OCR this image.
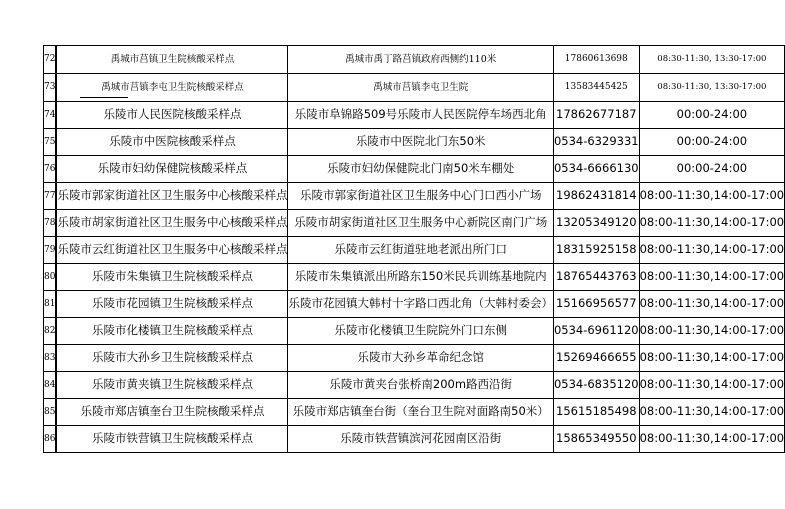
72		禹城市莒镇卫生院核酸采样点	禹城市禹丁路莒镇政府西侧约110米	17860613698	08:30-11:30, 13:30-17:00
73		禹城市莒镇李屯卫生院核酸采样点	禹城市莒镇李屯卫生院	13583445425	08:30-11:30, 13:30-17:00
74		乐陵市人民医院核酸采样点	乐陵市阜锦路509号乐陵市人民医院停车场西北角	17862677187	00:00-24:00
75		乐陵市中医院核酸采样点	乐陵市中医院北门东50米	0534-6329331	00:00-24:00
76		乐陵市妇幼保健院核酸采样点	乐陵市妇幼保健院北门南50米车棚处	0534-6666130	00:00-24:00
77		乐陵市郭家街道社区卫生服务中心核酸采样点	乐陵市郭家街道社区卫生服务中心门口西小广场	19862431814	08:00-11:30,14:00-17:00
78		乐陵市胡家街道社区卫生服务中心核酸采样点	乐陵市胡家街道社区卫生服务中心新院区南门广场	13205349120	08:00-11:30,14:00-17:00
79		乐陵市云红街道社区卫生服务中心核酸采样点	乐陵市云红街道驻地老派出所门口	18315925158	08:00-11:30,14:00-17:00
80		乐陵市朱集镇卫生院核酸采样点	乐陵市朱集镇派出所路东150米民兵训练基地院内	18765443763	08:00-11:30,14:00-17:00
81		乐陵市花园镇卫生院核酸采样点	乐陵市花园镇大韩村十字路口西北角（大韩村委会）	15166956577	08:00-11:30,14:00-17:00
82		乐陵市化楼镇卫生院核酸采样点	乐陵市化楼镇卫生院院外门口东侧	0534-6961120	08:00-11:30,14:00-17:00
83		乐陵市大孙乡卫生院核酸采样点	乐陵市大孙乡革命纪念馆	15269466655	08:00-11:30,14:00-17:00
84		乐陵市黄夹镇卫生院核酸采样点	乐陵市黄夹台张桥南200m路西沿街	0534-6835120	08:00-11:30,14:00-17:00
85		乐陵市郑店镇奎台卫生院核酸采样点	乐陵市郑店镇奎台街（奎台卫生院对面路南50米）	15615185498	08:00-11:30,14:00-17:00
86		乐陵市铁营镇卫生院核酸采样点	乐陵市铁营镇滨河花园南区沿街	15865349550	08:00-11:30,14:00-17:00
